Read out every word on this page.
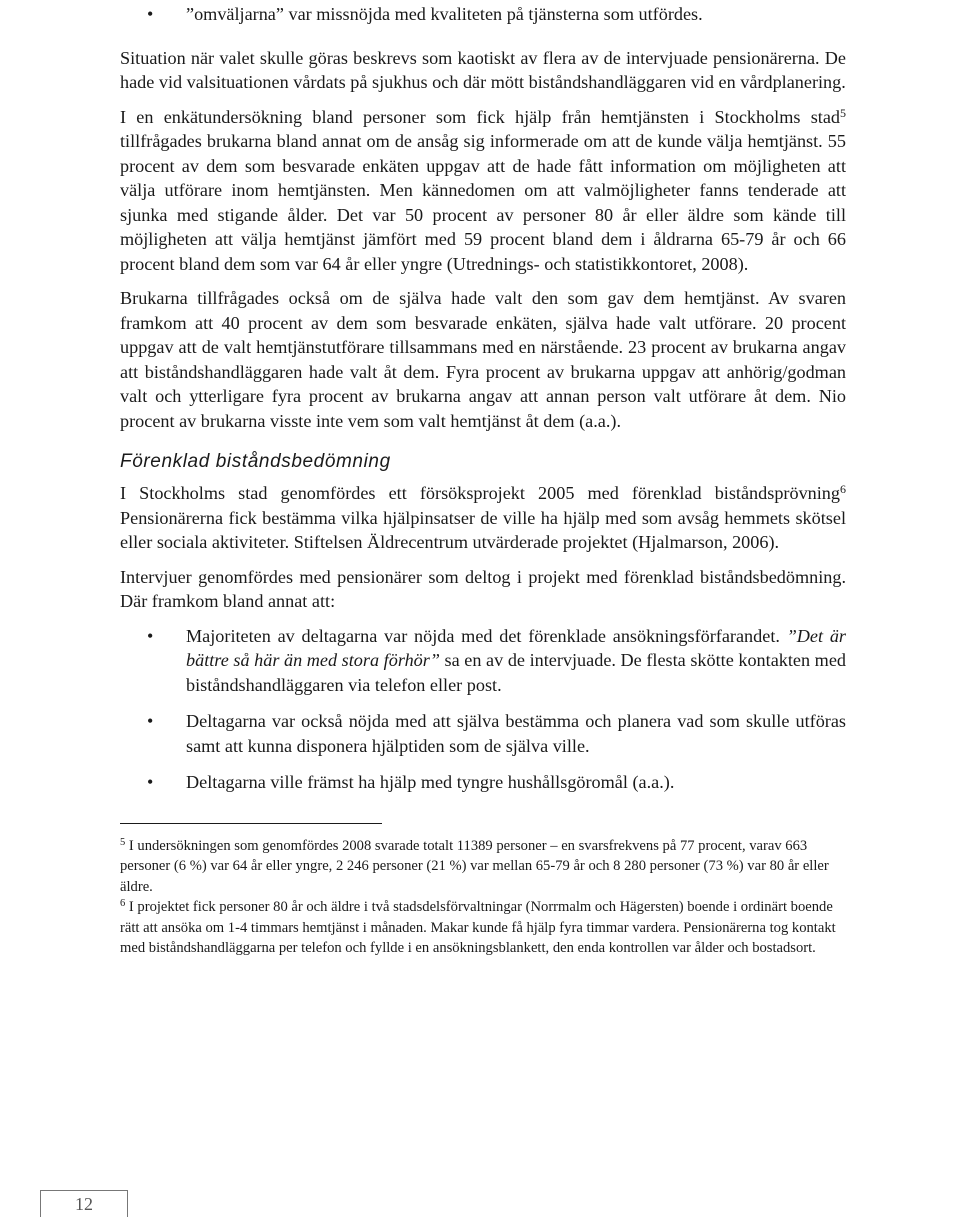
• ”omväljarna” var missnöjda med kvaliteten på tjänsterna som utfördes.

Situation när valet skulle göras beskrevs som kaotiskt av flera av de intervjuade pensionärerna. De hade vid valsituationen vårdats på sjukhus och där mött biståndshandläggaren vid en vårdplanering.

I en enkätundersökning bland personer som fick hjälp från hemtjänsten i Stockholms stad$^5$ tillfrågades brukarna bland annat om de ansåg sig informerade om att de kunde välja hemtjänst. 55 procent av dem som besvarade enkäten uppgav att de hade fått information om möjligheten att välja utförare inom hemtjänsten. Men kännedomen om att valmöjligheter fanns tenderade att sjunka med stigande ålder. Det var 50 procent av personer 80 år eller äldre som kände till möjligheten att välja hemtjänst jämfört med 59 procent bland dem i åldrarna 65-79 år och 66 procent bland dem som var 64 år eller yngre (Utrednings- och statistikkontoret, 2008).

Brukarna tillfrågades också om de själva hade valt den som gav dem hemtjänst. Av svaren framkom att 40 procent av dem som besvarade enkäten, själva hade valt utförare. 20 procent uppgav att de valt hemtjänstutförare tillsammans med en närstående. 23 procent av brukarna angav att biståndshandläggaren hade valt åt dem. Fyra procent av brukarna uppgav att anhörig/godman valt och ytterligare fyra procent av brukarna angav att annan person valt utförare åt dem. Nio procent av brukarna visste inte vem som valt hemtjänst åt dem (a.a.).

Förenklad biståndsbedömning

I Stockholms stad genomfördes ett försöksprojekt 2005 med förenklad biståndsprövning$^6$ Pensionärerna fick bestämma vilka hjälpinsatser de ville ha hjälp med som avsåg hemmets skötsel eller sociala aktiviteter. Stiftelsen Äldrecentrum utvärderade projektet (Hjalmarson, 2006).

Intervjuer genomfördes med pensionärer som deltog i projekt med förenklad biståndsbedömning. Där framkom bland annat att:

• Majoriteten av deltagarna var nöjda med det förenklade ansökningsförfarandet. ”Det är bättre så här än med stora förhör” sa en av de intervjuade. De flesta skötte kontakten med biståndshandläggaren via telefon eller post.
• Deltagarna var också nöjda med att själva bestämma och planera vad som skulle utföras samt att kunna disponera hjälptiden som de själva ville.
• Deltagarna ville främst ha hjälp med tyngre hushållsgöromål (a.a.).

$^5$ I undersökningen som genomfördes 2008 svarade totalt 11389 personer – en svarsfrekvens på 77 procent, varav 663 personer (6 %) var 64 år eller yngre, 2 246 personer (21 %) var mellan 65-79 år och 8 280 personer (73 %) var 80 år eller äldre.

$^6$ I projektet fick personer 80 år och äldre i två stadsdelsförvaltningar (Norrmalm och Hägersten) boende i ordinärt boende rätt att ansöka om 1-4 timmars hemtjänst i månaden. Makar kunde få hjälp fyra timmar vardera. Pensionärerna tog kontakt med biståndshandläggarna per telefon och fyllde i en ansökningsblankett, den enda kontrollen var ålder och bostadsort.

12
